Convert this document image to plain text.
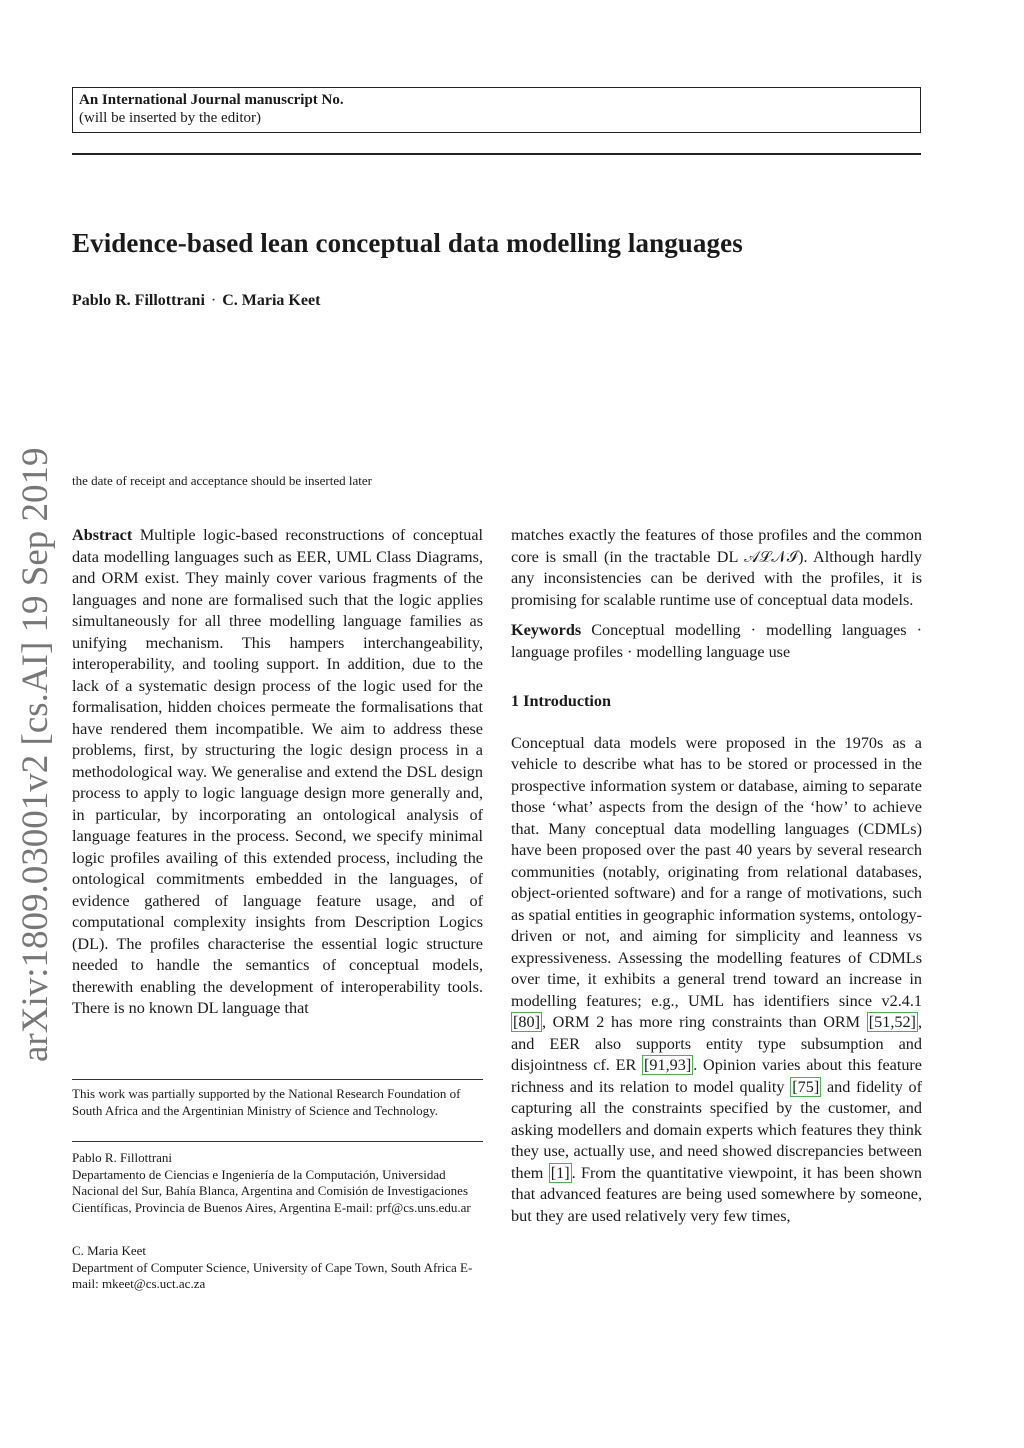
An International Journal manuscript No.
(will be inserted by the editor)
Evidence-based lean conceptual data modelling languages
Pablo R. Fillottrani · C. Maria Keet
arXiv:1809.03001v2 [cs.AI] 19 Sep 2019	the date of receipt and acceptance should be inserted later

Abstract Multiple logic-based reconstructions of conceptual data modelling languages such as EER, UML Class Diagrams, and ORM exist. They mainly cover various fragments of the languages and none are formalised such that the logic applies simultaneously for all three modelling language families as unifying mechanism. This hampers interchangeability, interoperability, and tooling support. In addition, due to the lack of a systematic design process of the logic used for the formalisation, hidden choices permeate the formalisations that have rendered them incompatible. We aim to address these problems, first, by structuring the logic design process in a methodological way. We generalise and extend the DSL design process to apply to logic language design more generally and, in particular, by incorporating an ontological analysis of language features in the process. Second, we specify minimal logic profiles availing of this extended process, including the ontological commitments embedded in the languages, of evidence gathered of language feature usage, and of computational complexity insights from Description Logics (DL). The profiles characterise the essential logic structure needed to handle the semantics of conceptual models, therewith enabling the development of interoperability tools. There is no known DL language that

This work was partially supported by the National Research Foundation of South Africa and the Argentinian Ministry of Science and Technology.
Pablo R. Fillottrani
Departamento de Ciencias e Ingeniería de la Computación, Universidad Nacional del Sur, Bahía Blanca, Argentina and Comisión de Investigaciones Científicas, Provincia de Buenos Aires, Argentina E-mail: prf@cs.uns.edu.ar
C. Maria Keet
Department of Computer Science, University of Cape Town, South Africa E-mail: mkeet@cs.uct.ac.za

matches exactly the features of those profiles and the common core is small (in the tractable DL 𝒜ℒ𝒩ℐ). Although hardly any inconsistencies can be derived with the profiles, it is promising for scalable runtime use of conceptual data models.

Keywords Conceptual modelling · modelling languages · language profiles · modelling language use

1 Introduction

Conceptual data models were proposed in the 1970s as a vehicle to describe what has to be stored or processed in the prospective information system or database, aiming to separate those ‘what’ aspects from the design of the ‘how’ to achieve that. Many conceptual data modelling languages (CDMLs) have been proposed over the past 40 years by several research communities (notably, originating from relational databases, object-oriented software) and for a range of motivations, such as spatial entities in geographic information systems, ontology-driven or not, and aiming for simplicity and leanness vs expressiveness. Assessing the modelling features of CDMLs over time, it exhibits a general trend toward an increase in modelling features; e.g., UML has identifiers since v2.4.1 [80] , ORM 2 has more ring constraints than ORM [51,52] , and EER also supports entity type subsumption and disjointness cf. ER [91,93] . Opinion varies about this feature richness and its relation to model quality [75] and fidelity of capturing all the constraints specified by the customer, and asking modellers and domain experts which features they think they use, actually use, and need showed discrepancies between them [1] . From the quantitative viewpoint, it has been shown that advanced features are being used somewhere by someone, but they are used relatively very few times,
